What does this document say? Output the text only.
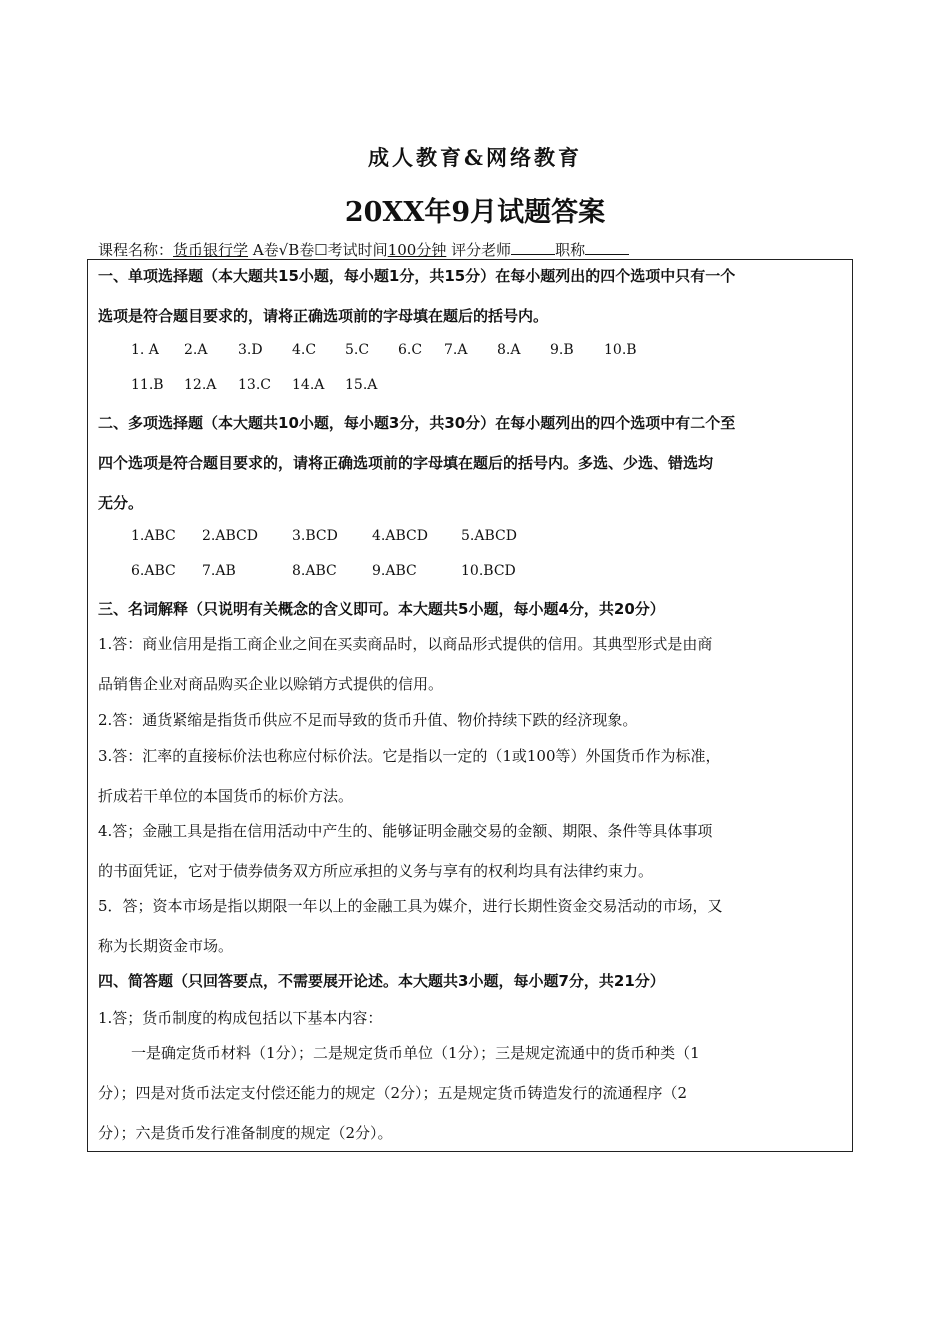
成人教育&网络教育
20XX年9月试题答案
课程名称：货币银行学 A卷√B卷☐考试时间100分钟 评分老师	职称
一、单项选择题（本大题共15小题，每小题1分，共15分）在每小题列出的四个选项中只有一个
选项是符合题目要求的，请将正确选项前的字母填在题后的括号内。
1. A 2.A 3.D 4.C 5.C 6.C 7.A 8.A 9.B 10.B
11.B 12.A 13.C 14.A 15.A
二、多项选择题（本大题共10小题，每小题3分，共30分）在每小题列出的四个选项中有二个至
四个选项是符合题目要求的，请将正确选项前的字母填在题后的括号内。多选、少选、错选均
无分。
1.ABC 2.ABCD 3.BCD 4.ABCD 5.ABCD
6.ABC 7.AB	8.ABC	9.ABC	10.BCD
三、名词解释（只说明有关概念的含义即可。本大题共5小题，每小题4分，共20分）
1.答：商业信用是指工商企业之间在买卖商品时，以商品形式提供的信用。其典型形式是由商
品销售企业对商品购买企业以赊销方式提供的信用。
2.答：通货紧缩是指货币供应不足而导致的货币升值、物价持续下跌的经济现象。
3.答：汇率的直接标价法也称应付标价法。它是指以一定的（1或100等）外国货币作为标准，
折成若干单位的本国货币的标价方法。
4.答；金融工具是指在信用活动中产生的、能够证明金融交易的金额、期限、条件等具体事项
的书面凭证，它对于债券债务双方所应承担的义务与享有的权利均具有法律约束力。
5．答；资本市场是指以期限一年以上的金融工具为媒介，进行长期性资金交易活动的市场，又
称为长期资金市场。
四、简答题（只回答要点，不需要展开论述。本大题共3小题，每小题7分，共21分）
1.答；货币制度的构成包括以下基本内容：
一是确定货币材料（1分）；二是规定货币单位（1分）；三是规定流通中的货币种类（1
分）；四是对货币法定支付偿还能力的规定（2分）；五是规定货币铸造发行的流通程序（2
分）；六是货币发行准备制度的规定（2分）。
